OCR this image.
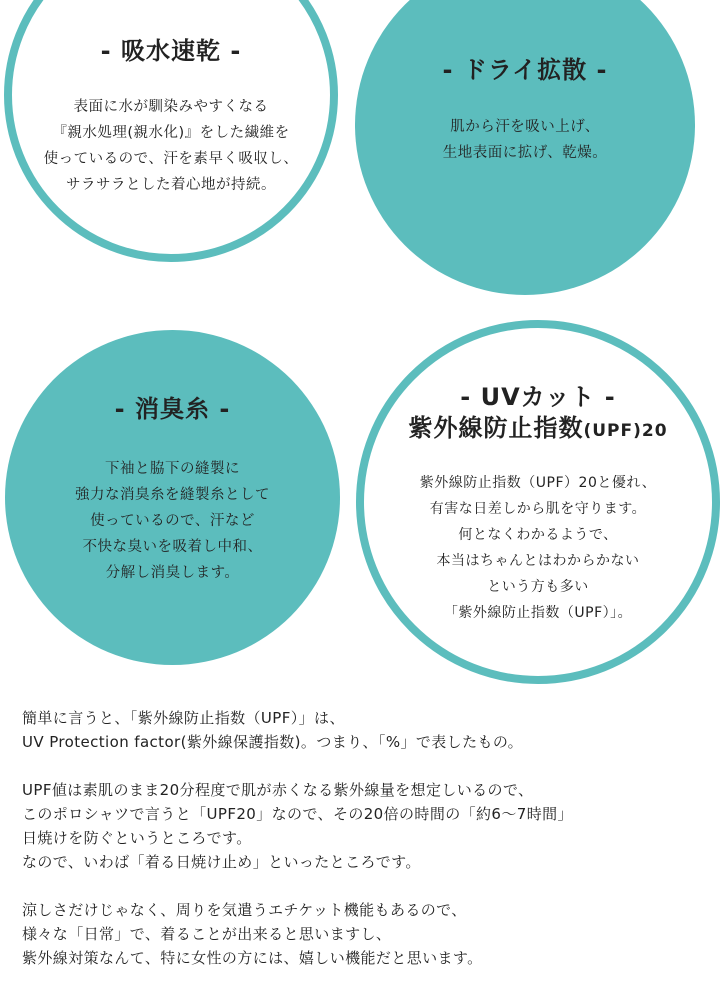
- 吸水速乾 -
表面に水が馴染みやすくなる
『親水処理(親水化)』をした繊維を
使っているので、汗を素早く吸収し、
サラサラとした着心地が持続。
- ドライ拡散 -
肌から汗を吸い上げ、
生地表面に拡げ、乾燥。
- 消臭糸 -
下袖と脇下の縫製に
強力な消臭糸を縫製糸として
使っているので、汗など
不快な臭いを吸着し中和、
分解し消臭します。
- UVカット -
紫外線防止指数(UPF)20
紫外線防止指数（UPF）20と優れ、
有害な日差しから肌を守ります。
何となくわかるようで、
本当はちゃんとはわからかない
という方も多い
「紫外線防止指数（UPF）」。
簡単に言うと、「紫外線防止指数（UPF）」は、
UV Protection factor(紫外線保護指数)。つまり、「%」で表したもの。
UPF値は素肌のまま20分程度で肌が赤くなる紫外線量を想定しいるので、
このポロシャツで言うと「UPF20」なので、その20倍の時間の「約6〜7時間」
日焼けを防ぐというところです。
なので、いわば「着る日焼け止め」といったところです。
涼しさだけじゃなく、周りを気遣うエチケット機能もあるので、
様々な「日常」で、着ることが出来ると思いますし、
紫外線対策なんて、特に女性の方には、嬉しい機能だと思います。
